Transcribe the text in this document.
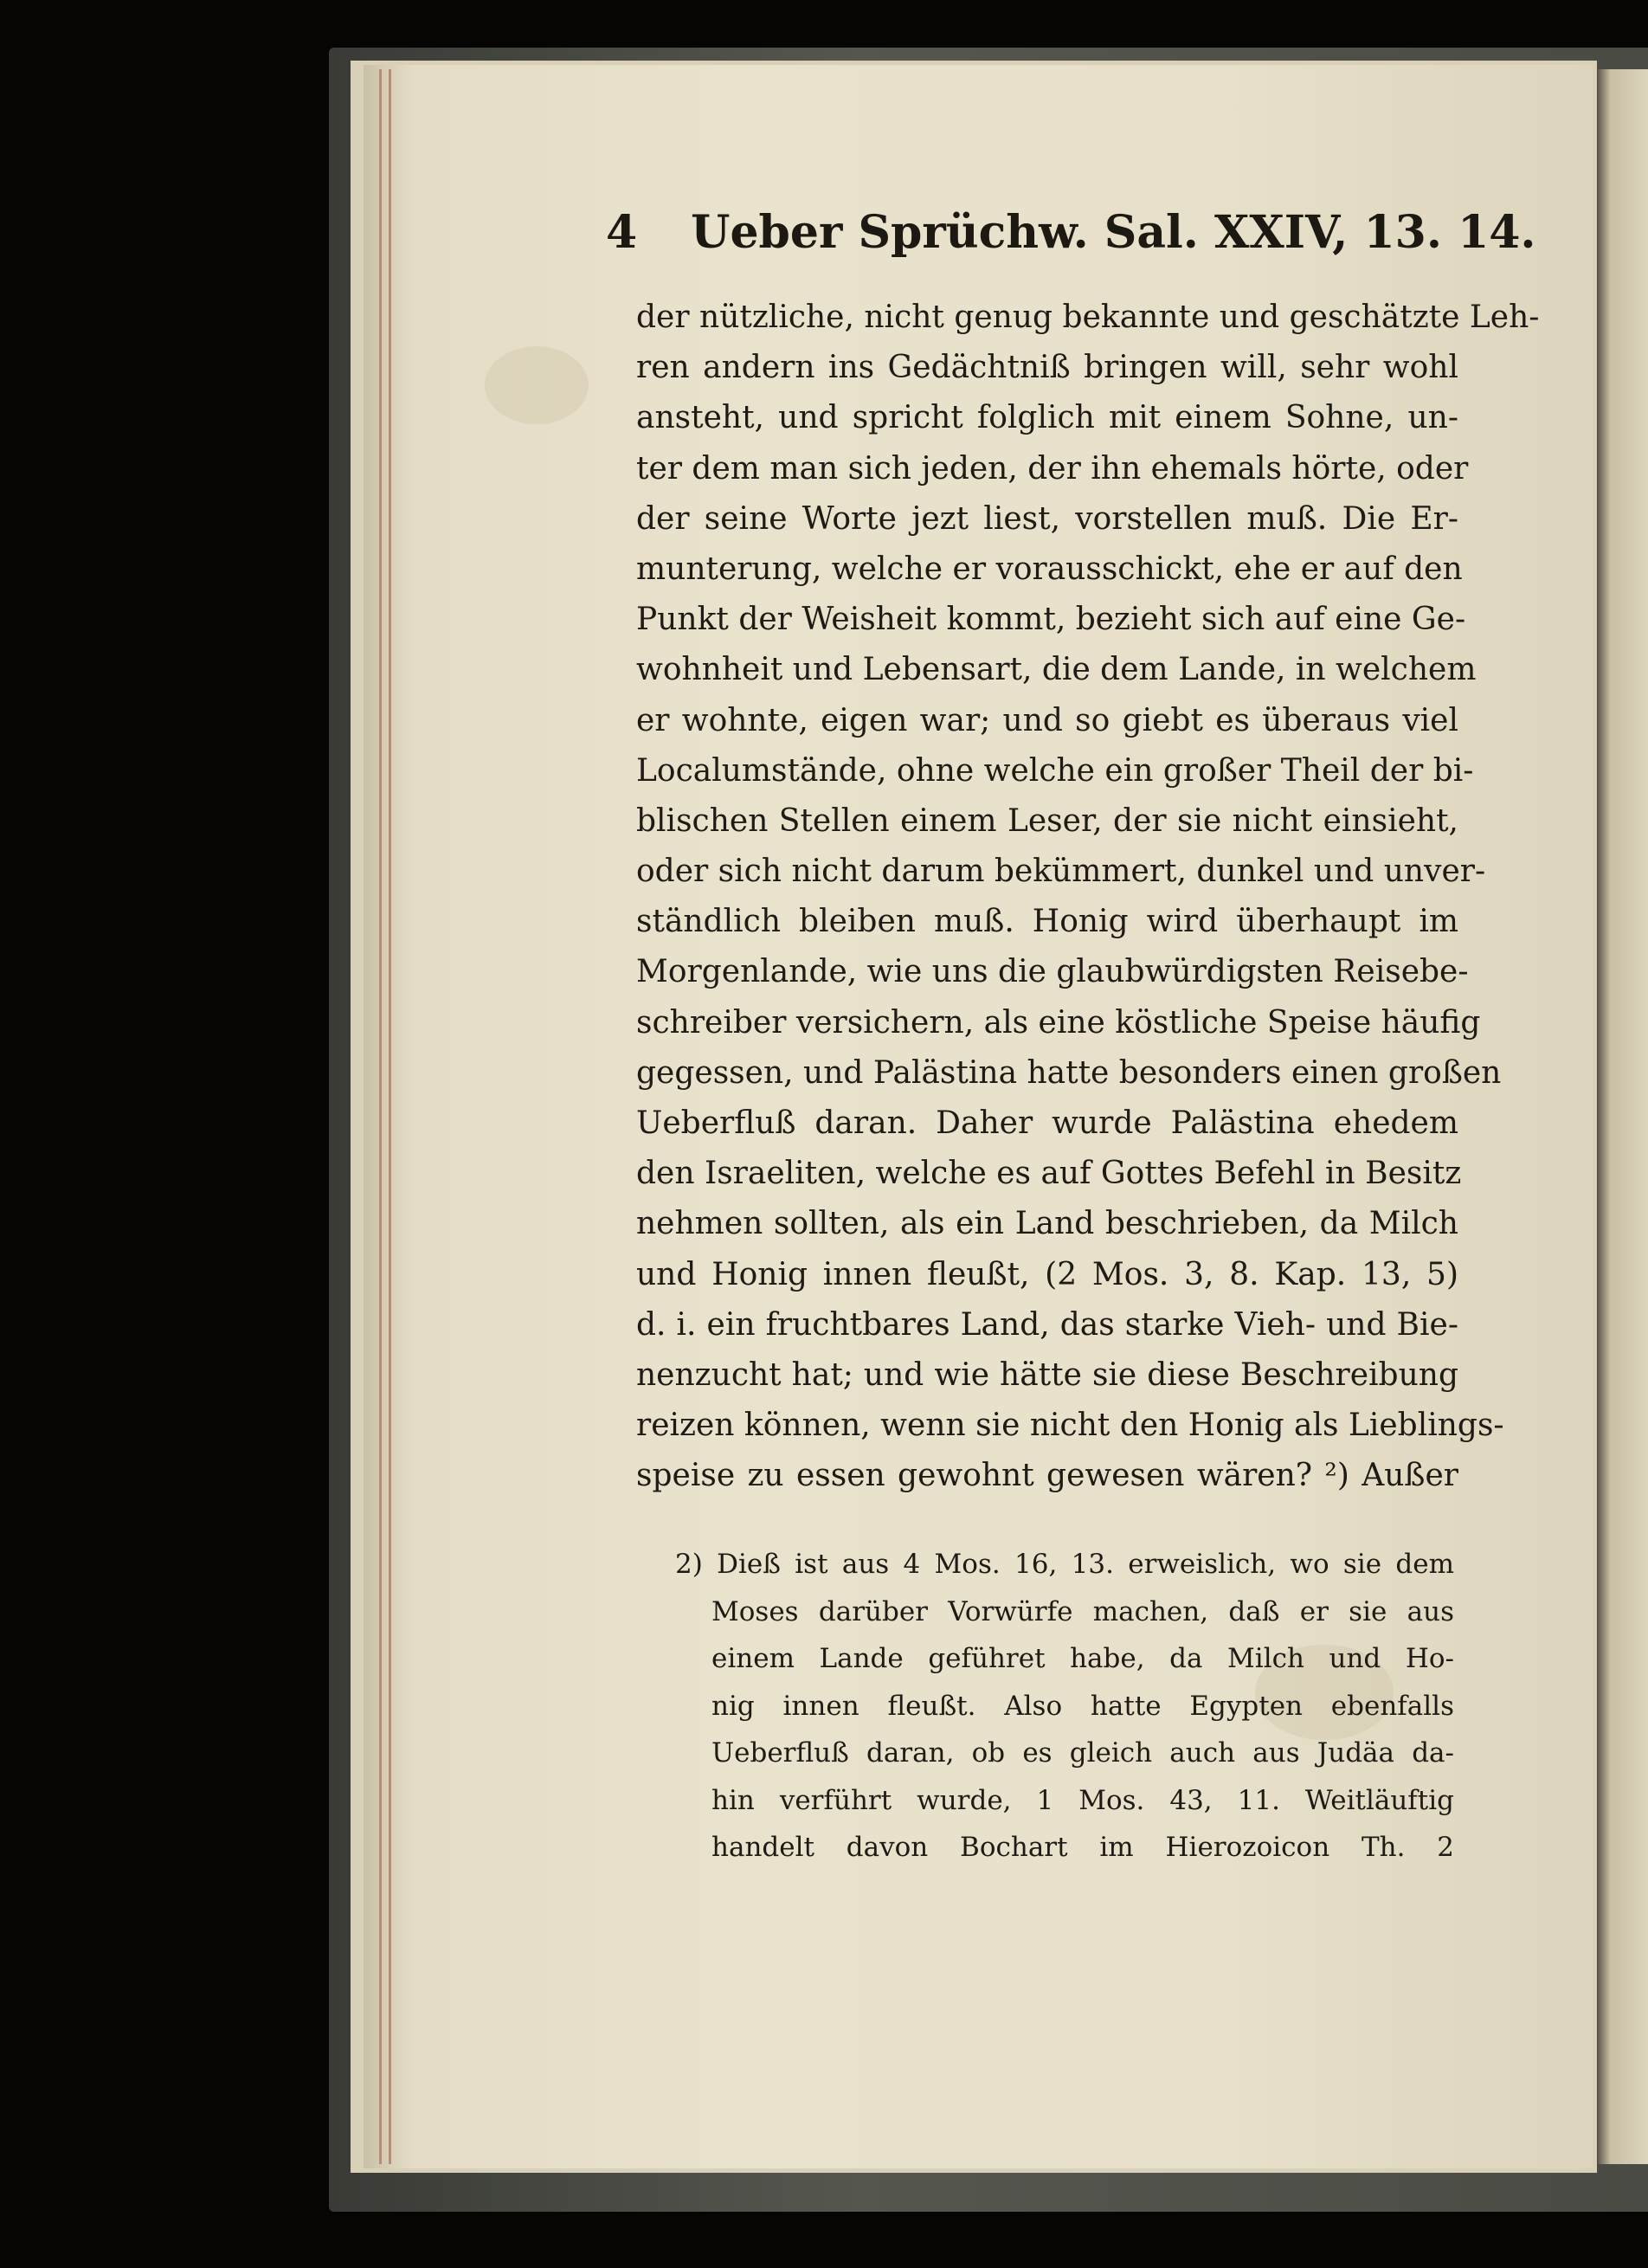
4 Ueber Sprüchw. Sal. XXIV, 13. 14.
der nützliche, nicht genug bekannte und geschätzte Leh-
ren andern ins Gedächtniß bringen will, sehr wohl
ansteht, und spricht folglich mit einem Sohne, un-
ter dem man sich jeden, der ihn ehemals hörte, oder
der seine Worte jezt liest, vorstellen muß. Die Er-
munterung, welche er vorausschickt, ehe er auf den
Punkt der Weisheit kommt, bezieht sich auf eine Ge-
wohnheit und Lebensart, die dem Lande, in welchem
er wohnte, eigen war; und so giebt es überaus viel
Localumstände, ohne welche ein großer Theil der bi-
blischen Stellen einem Leser, der sie nicht einsieht,
oder sich nicht darum bekümmert, dunkel und unver-
ständlich bleiben muß. Honig wird überhaupt im
Morgenlande, wie uns die glaubwürdigsten Reisebe-
schreiber versichern, als eine köstliche Speise häufig
gegessen, und Palästina hatte besonders einen großen
Ueberfluß daran. Daher wurde Palästina ehedem
den Israeliten, welche es auf Gottes Befehl in Besitz
nehmen sollten, als ein Land beschrieben, da Milch
und Honig innen fleußt, (2 Mos. 3, 8. Kap. 13, 5)
d. i. ein fruchtbares Land, das starke Vieh- und Bie-
nenzucht hat; und wie hätte sie diese Beschreibung
reizen können, wenn sie nicht den Honig als Lieblings-
speise zu essen gewohnt gewesen wären? ²) Außer
2) Dieß ist aus 4 Mos. 16, 13. erweislich, wo sie dem
Moses darüber Vorwürfe machen, daß er sie aus
einem Lande geführet habe, da Milch und Ho-
nig innen fleußt. Also hatte Egypten ebenfalls
Ueberfluß daran, ob es gleich auch aus Judäa da-
hin verführt wurde, 1 Mos. 43, 11. Weitläuftig
handelt davon Bochart im Hierozoicon Th. 2
